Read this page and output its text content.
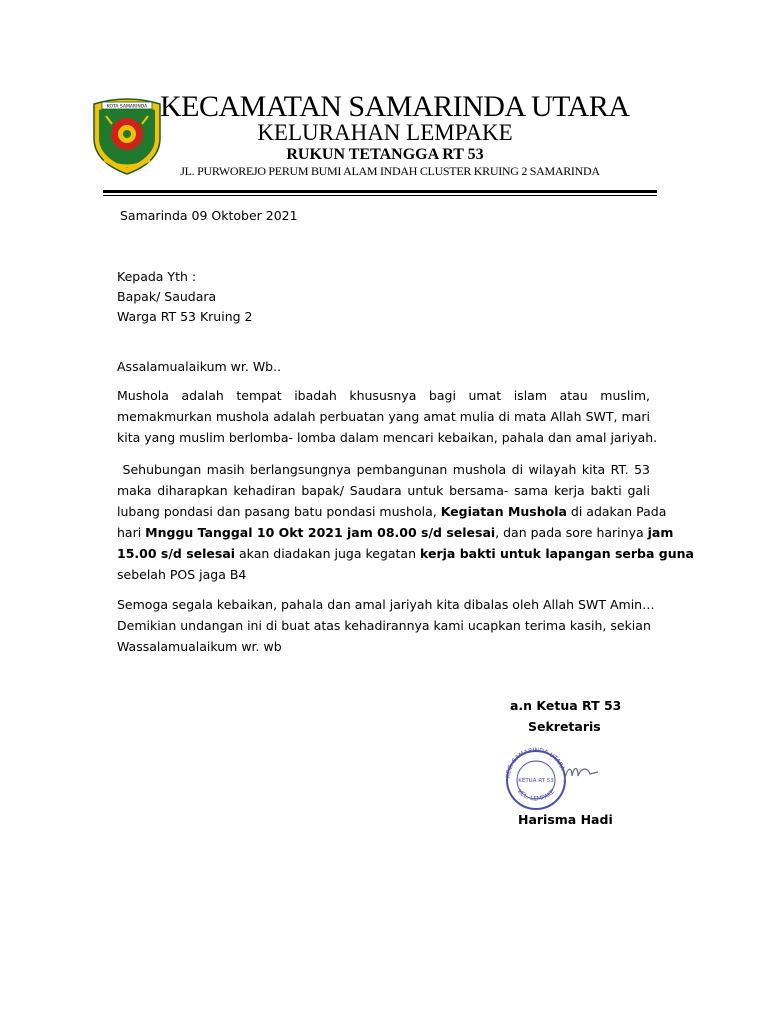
KOTA SAMARINDA KECAMATAN SAMARINDA UTARA
KELURAHAN LEMPAKE
RUKUN TETANGGA RT 53
JL. PURWOREJO PERUM BUMI ALAM INDAH CLUSTER KRUING 2 SAMARINDA
Samarinda 09 Oktober 2021
Kepada Yth :
Bapak/ Saudara
Warga RT 53 Kruing 2
Assalamualaikum wr. Wb..
Mushola adalah tempat ibadah khususnya bagi umat islam atau muslim,
memakmurkan mushola adalah perbuatan yang amat mulia di mata Allah SWT, mari
kita yang muslim berlomba- lomba dalam mencari kebaikan, pahala dan amal jariyah.
Sehubungan masih berlangsungnya pembangunan mushola di wilayah kita RT. 53
maka diharapkan kehadiran bapak/ Saudara untuk bersama- sama kerja bakti gali
lubang pondasi dan pasang batu pondasi mushola, Kegiatan Mushola di adakan Pada
hari Mnggu Tanggal 10 Okt 2021 jam 08.00 s/d selesai, dan pada sore harinya jam
15.00 s/d selesai akan diadakan juga kegatan kerja bakti untuk lapangan serba guna
sebelah POS jaga B4
Semoga segala kebaikan, pahala dan amal jariyah kita dibalas oleh Allah SWT Amin…
Demikian undangan ini di buat atas kehadirannya kami ucapkan terima kasih, sekian
Wassalamualaikum wr. wb
a.n Ketua RT 53
Sekretaris
KEC. SAMARINDA UTARA
KEL. LEMPAKE
KETUA RT 53
Harisma Hadi
